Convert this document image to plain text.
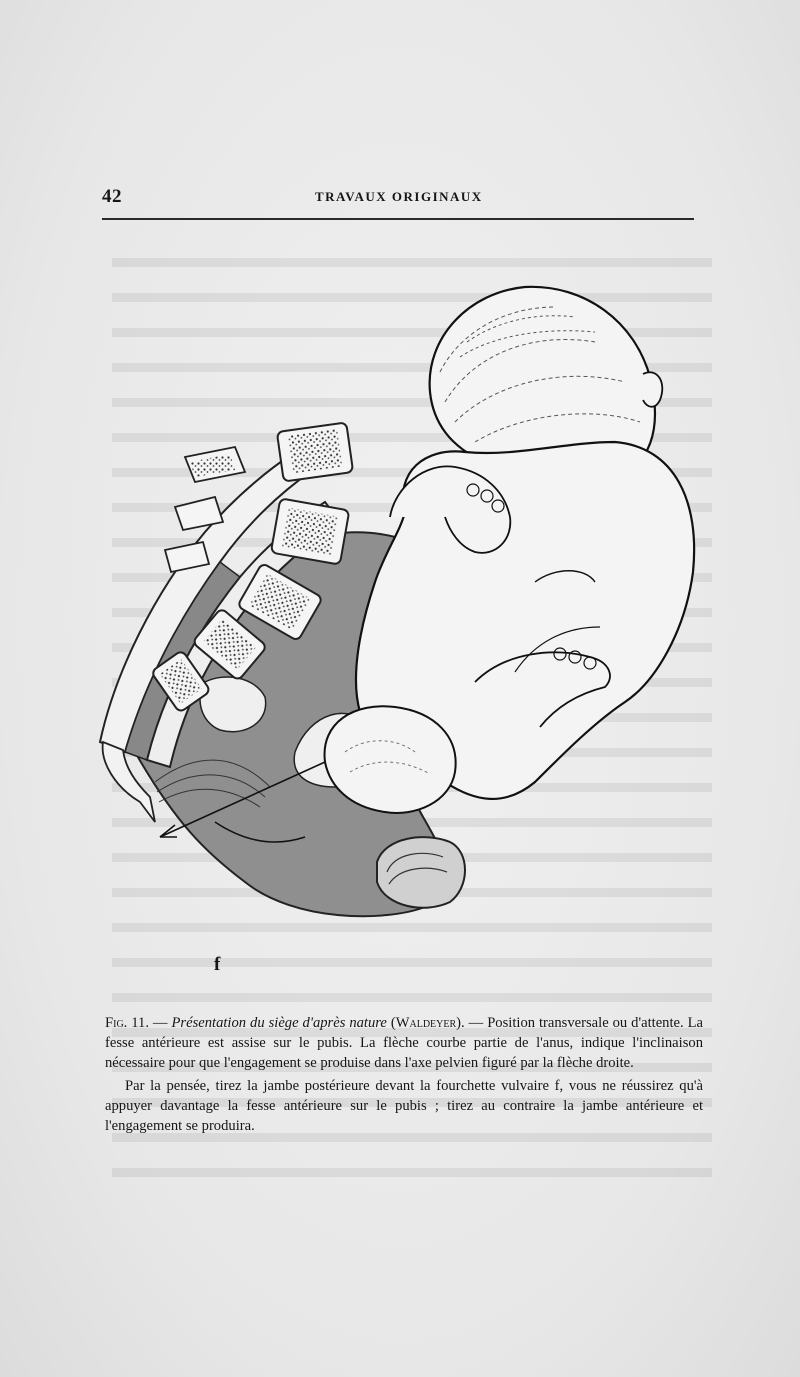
42	TRAVAUX ORIGINAUX
f

Fig. 11. — Présentation du siège d'après nature (Waldeyer). — Position transversale ou d'attente. La fesse antérieure est assise sur le pubis. La flèche courbe partie de l'anus, indique l'inclinaison nécessaire pour que l'engagement se produise dans l'axe pelvien figuré par la flèche droite.

Par la pensée, tirez la jambe postérieure devant la fourchette vulvaire f, vous ne réussirez qu'à appuyer davantage la fesse antérieure sur le pubis ; tirez au contraire la jambe antérieure et l'engagement se produira.
